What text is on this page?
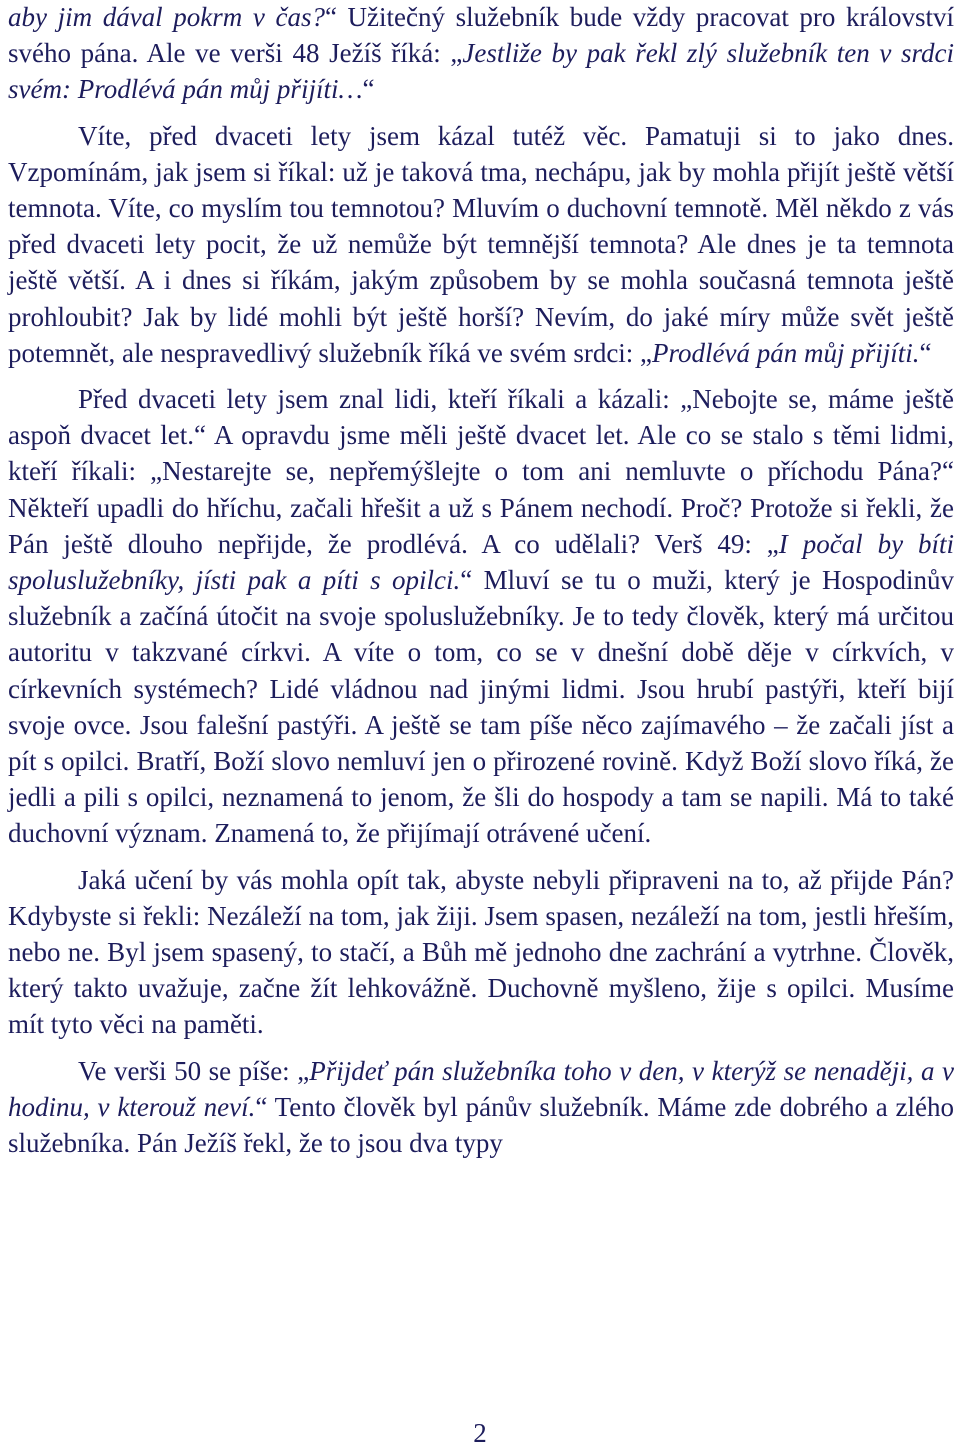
aby jim dával pokrm v čas?“ Užitečný služebník bude vždy pracovat pro království svého pána. Ale ve verši 48 Ježíš říká: „Jestliže by pak řekl zlý služebník ten v srdci svém: Prodlévá pán můj přijíti…“

Víte, před dvaceti lety jsem kázal tutéž věc. Pamatuji si to jako dnes. Vzpomínám, jak jsem si říkal: už je taková tma, nechápu, jak by mohla přijít ještě větší temnota. Víte, co myslím tou temnotou? Mluvím o duchovní temnotě. Měl někdo z vás před dvaceti lety pocit, že už nemůže být temnější temnota? Ale dnes je ta temnota ještě větší. A i dnes si říkám, jakým způsobem by se mohla současná temnota ještě prohloubit? Jak by lidé mohli být ještě horší? Nevím, do jaké míry může svět ještě potemnět, ale nespravedlivý služebník říká ve svém srdci: „Prodlévá pán můj přijíti.“

Před dvaceti lety jsem znal lidi, kteří říkali a kázali: „Nebojte se, máme ještě aspoň dvacet let.“ A opravdu jsme měli ještě dvacet let. Ale co se stalo s těmi lidmi, kteří říkali: „Nestarejte se, nepřemýšlejte o tom ani nemluvte o příchodu Pána?“ Někteří upadli do hříchu, začali hřešit a už s Pánem nechodí. Proč? Protože si řekli, že Pán ještě dlouho nepřijde, že prodlévá. A co udělali? Verš 49: „I počal by bíti spoluslužebníky, jísti pak a píti s opilci.“ Mluví se tu o muži, který je Hospodinův služebník a začíná útočit na svoje spoluslužebníky. Je to tedy člověk, který má určitou autoritu v takzvané církvi. A víte o tom, co se v dnešní době děje v církvích, v církevních systémech? Lidé vládnou nad jinými lidmi. Jsou hrubí pastýři, kteří bijí svoje ovce. Jsou falešní pastýři. A ještě se tam píše něco zajímavého – že začali jíst a pít s opilci. Bratří, Boží slovo nemluví jen o přirozené rovině. Když Boží slovo říká, že jedli a pili s opilci, neznamená to jenom, že šli do hospody a tam se napili. Má to také duchovní význam. Znamená to, že přijímají otrávené učení.

Jaká učení by vás mohla opít tak, abyste nebyli připraveni na to, až přijde Pán? Kdybyste si řekli: Nezáleží na tom, jak žiji. Jsem spasen, nezáleží na tom, jestli hřeším, nebo ne. Byl jsem spasený, to stačí, a Bůh mě jednoho dne zachrání a vytrhne. Člověk, který takto uvažuje, začne žít lehkovážně. Duchovně myšleno, žije s opilci. Musíme mít tyto věci na paměti.

Ve verši 50 se píše: „Přijdeť pán služebníka toho v den, v kterýž se nenaději, a v hodinu, v kterouž neví.“ Tento člověk byl pánův služebník. Máme zde dobrého a zlého služebníka. Pán Ježíš řekl, že to jsou dva typy

2
